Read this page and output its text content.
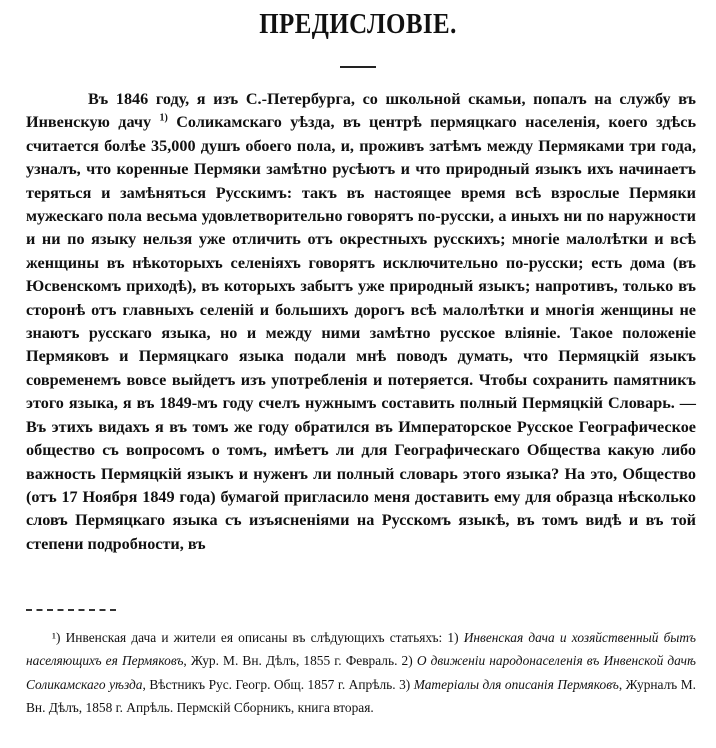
ПРЕДИСЛОВІЕ.

Въ 1846 году, я изъ С.-Петербурга, со школьной скамьи, попалъ на службу въ Инвенскую дачу $^{1)}$ Соликамскаго уѣзда, въ центрѣ пермяцкаго населенія, коего здѣсь считается болѣе 35,000 душъ обоего пола, и, проживъ затѣмъ между Пермяками три года, узналъ, что коренные Пермяки замѣтно русѣютъ и что природный языкъ ихъ начинаетъ теряться и замѣняться Русскимъ: такъ въ настоящее время всѣ взрослые Пермяки мужескаго пола весьма удовлетворительно говорятъ по-русски, а иныхъ ни по наружности и ни по языку нельзя уже отличить отъ окрестныхъ русскихъ; многіе малолѣтки и всѣ женщины въ нѣкоторыхъ селеніяхъ говорятъ исключительно по-русски; есть дома (въ Юсвенскомъ приходѣ), въ которыхъ забытъ уже природный языкъ; напротивъ, только въ сторонѣ отъ главныхъ селеній и большихъ дорогъ всѣ малолѣтки и многія женщины не знаютъ русскаго языка, но и между ними замѣтно русское вліяніе. Такое положеніе Пермяковъ и Пермяцкаго языка подали мнѣ поводъ думать, что Пермяцкій языкъ современемъ вовсе выйдетъ изъ употребленія и потеряется. Чтобы сохранить памятникъ этого языка, я въ 1849-мъ году счелъ нужнымъ составить полный Пермяцкій Словарь. — Въ этихъ видахъ я въ томъ же году обратился въ Императорское Русское Географическое общество съ вопросомъ о томъ, имѣетъ ли для Географическаго Общества какую либо важность Пермяцкій языкъ и нуженъ ли полный словарь этого языка? На это, Общество (отъ 17 Ноября 1849 года) бумагой пригласило меня доставить ему для образца нѣсколько словъ Пермяцкаго языка съ изъясненіями на Русскомъ языкѣ, въ томъ видѣ и въ той степени подробности, въ

¹) Инвенская дача и жители ея описаны въ слѣдующихъ статьяхъ: 1) Инвенская дача и хозяйственный бытъ населяющихъ ея Пермяковъ, Жур. М. Вн. Дѣлъ, 1855 г. Февраль. 2) О движеніи народонаселенія въ Инвенской дачѣ Соликамскаго уѣзда, Вѣстникъ Рус. Геогр. Общ. 1857 г. Апрѣль. 3) Матеріалы для описанія Пермяковъ, Журналъ М. Вн. Дѣлъ, 1858 г. Апрѣль. Пермскій Сборникъ, книга вторая.
